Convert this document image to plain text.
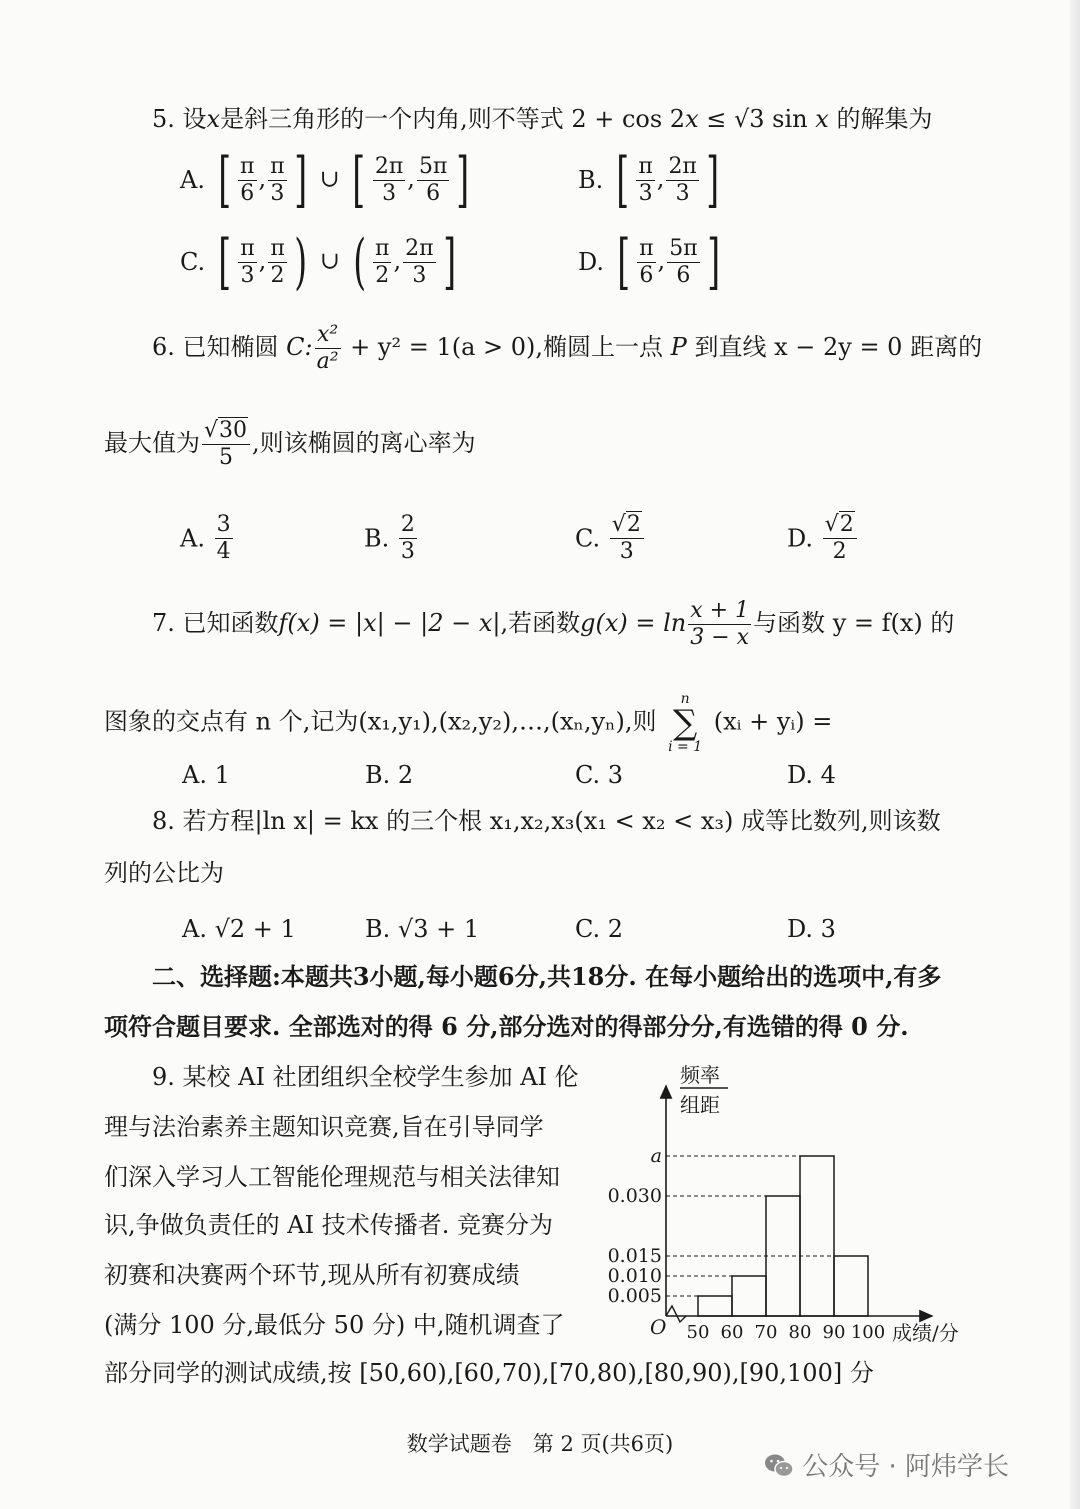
5. 设x是斜三角形的一个内角,则不等式 2 + cos 2x ≤ √3 sin x 的解集为
A. [ $\frac{\pi}{6}$ , $\frac{\pi}{3}$ ] ∪ [ $\frac{2\pi}{3}$ , $\frac{5\pi}{6}$ ]	B. [ $\frac{\pi}{3}$ , $\frac{2\pi}{3}$ ]
C. [ $\frac{\pi}{3}$ , $\frac{\pi}{2}$ ) ∪ ( $\frac{\pi}{2}$ , $\frac{2\pi}{3}$ ]	D. [ $\frac{\pi}{6}$ , $\frac{5\pi}{6}$ ]
6. 已知椭圆 C: $\frac{\text{x²}}{\text{a²}} + y^2 = 1(a > 0)$,椭圆上一点 P 到直线 x − 2y = 0 距离的
最大值为 $\frac{√30}{5}$ ,则该椭圆的离心率为
A. $\frac{3}{4}$	B. $\frac{2}{3}$	C. $\frac{√2}{3}$	D. $\frac{√2}{2}$
7. 已知函数f(x) = |x| − |2 − x|,若函数$g(x) = \ln \frac{x + 1}{3 - x}$ 与函数 y = f(x) 的
图象的交点有 n 个,记为(x₁,y₁),(x₂,y₂),…,(xₙ,yₙ),则
n
∑
i = 1
(xᵢ + yᵢ) =
A. 1	B. 2	C. 3	D. 4
8. 若方程|ln x| = kx 的三个根 x₁,x₂,x₃(x₁ < x₂ < x₃) 成等比数列,则该数
列的公比为
A. √2 + 1	B. √3 + 1	C. 2	D. 3
二、选择题:本题共3小题,每小题6分,共18分. 在每小题给出的选项中,有多
项符合题目要求. 全部选对的得 6 分,部分选对的得部分分,有选错的得 0 分.
9. 某校 AI 社团组织全校学生参加 AI 伦
理与法治素养主题知识竞赛,旨在引导同学
们深入学习人工智能伦理规范与相关法律知
识,争做负责任的 AI 技术传播者. 竞赛分为
初赛和决赛两个环节,现从所有初赛成绩
(满分 100 分,最低分 50 分) 中,随机调查了
部分同学的测试成绩,按 [50,60),[60,70),[70,80),[80,90),[90,100] 分
O
频率
组距
成绩/分
0.005
0.010
0.015
0.030
a
50 60 70 80 90 100
数学试题卷　第 2 页(共6页)
公众号 · 阿炜学长
